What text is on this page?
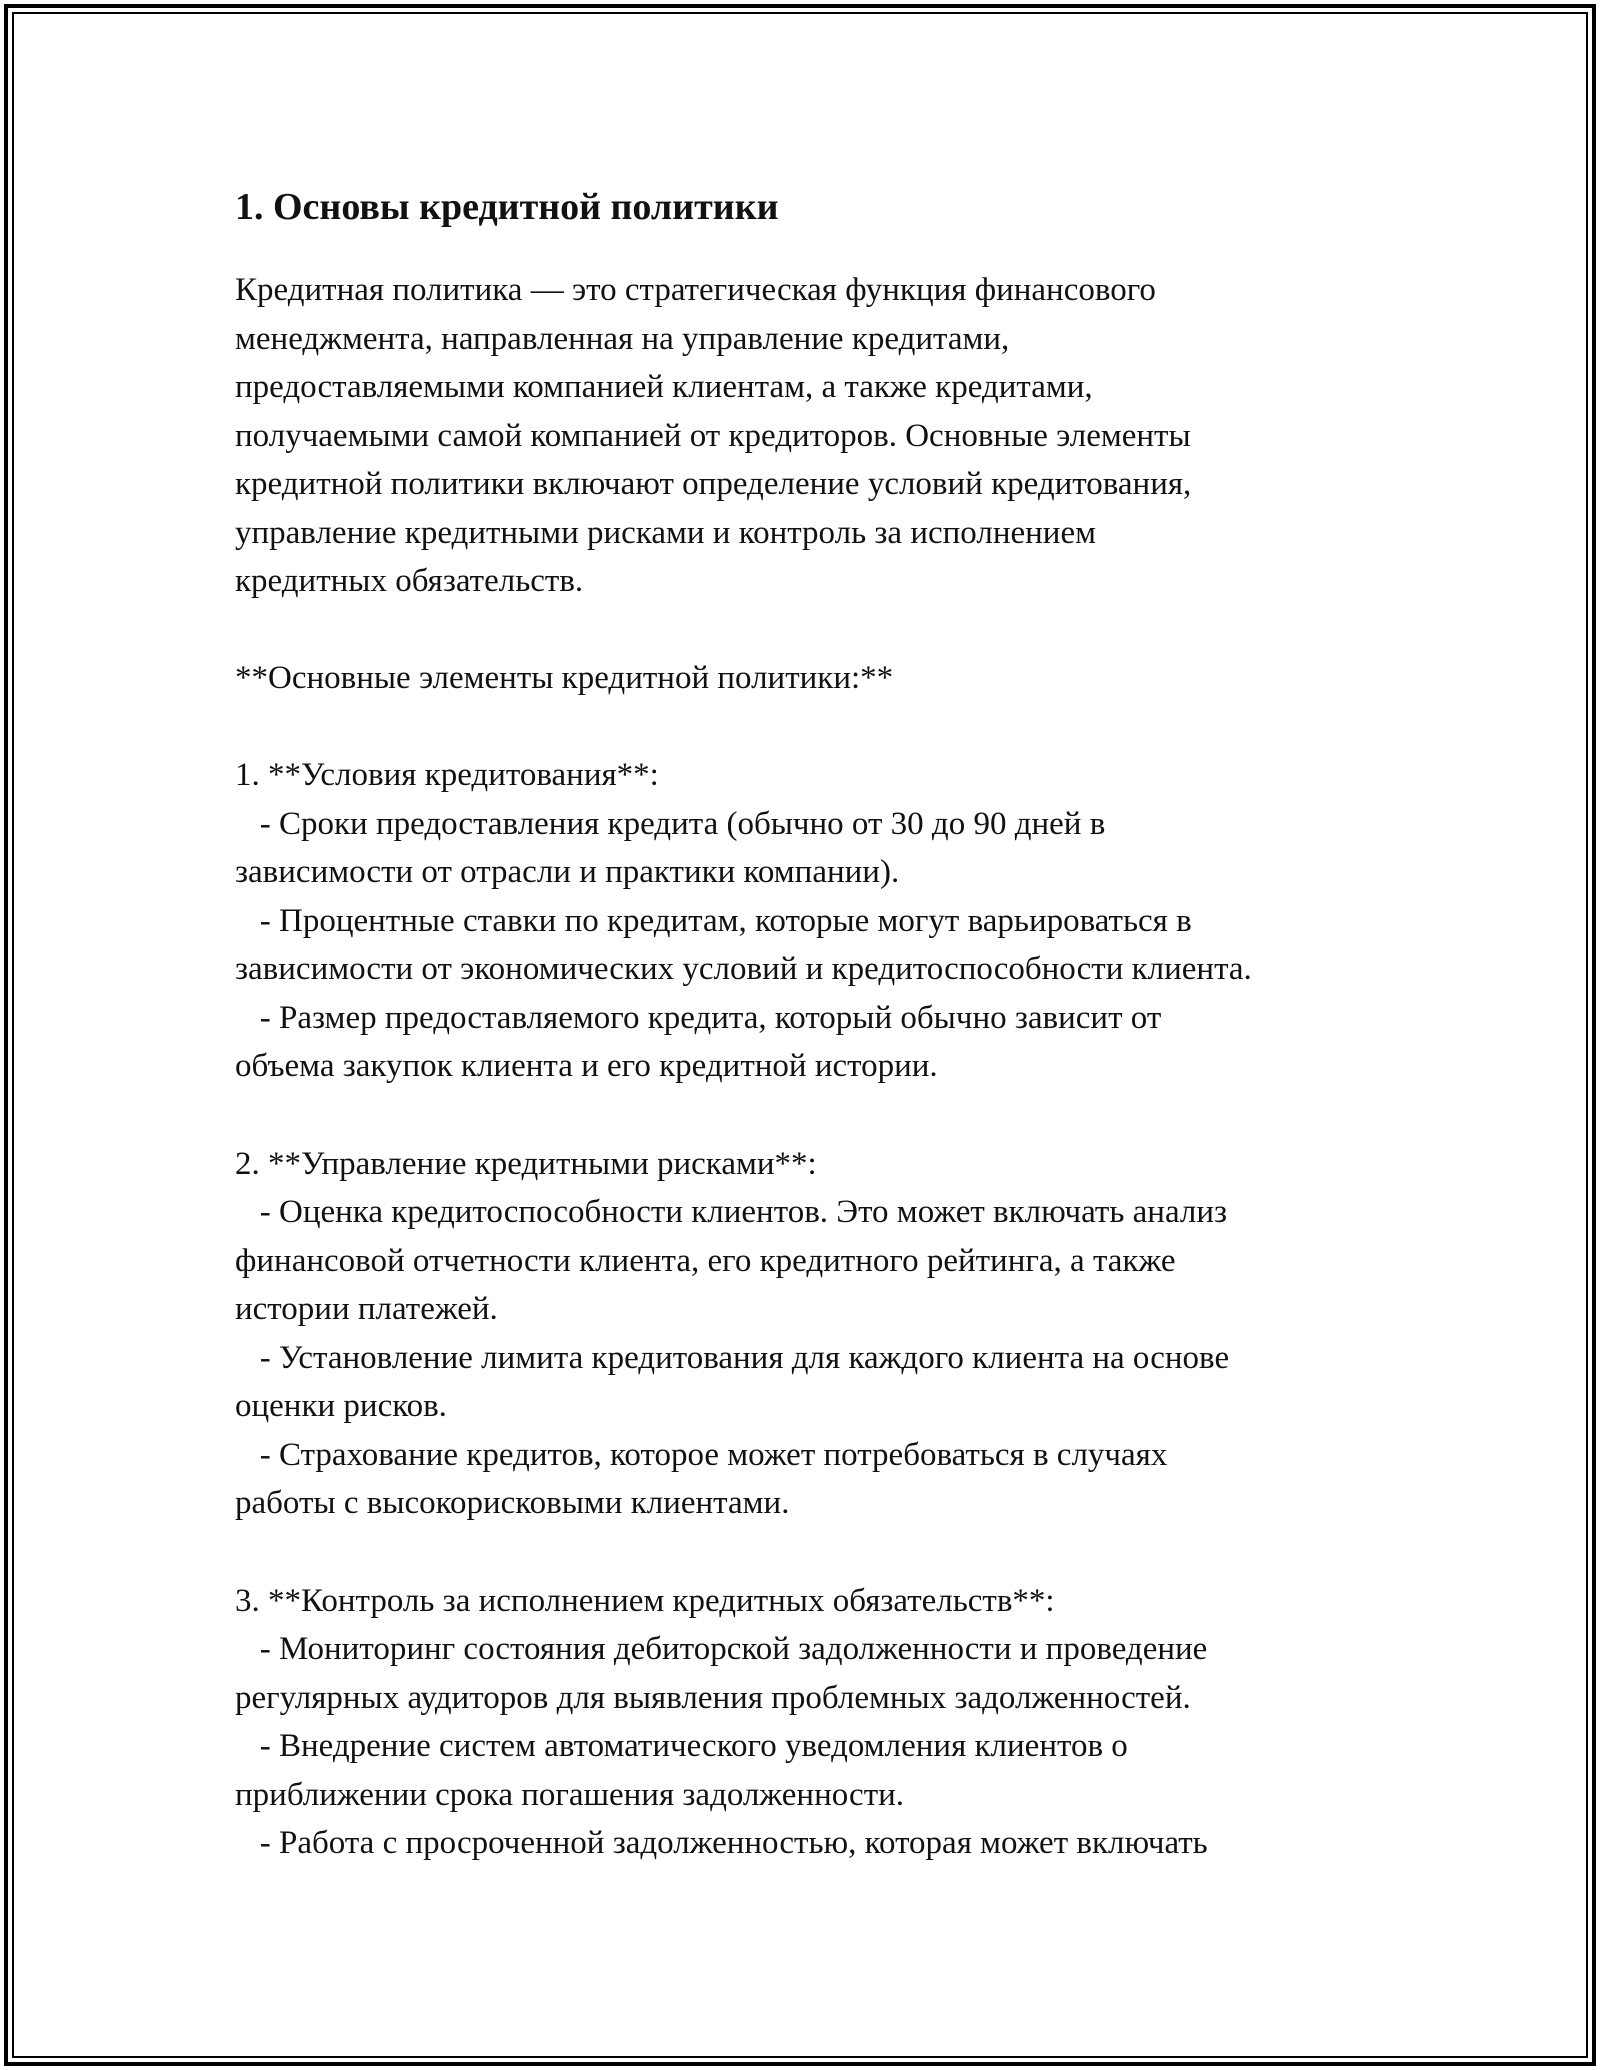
1. Основы кредитной политики

Кредитная политика — это стратегическая функция финансового
менеджмента, направленная на управление кредитами,
предоставляемыми компанией клиентам, а также кредитами,
получаемыми самой компанией от кредиторов. Основные элементы
кредитной политики включают определение условий кредитования,
управление кредитными рисками и контроль за исполнением
кредитных обязательств.

**Основные элементы кредитной политики:**

1. **Условия кредитования**:
- Сроки предоставления кредита (обычно от 30 до 90 дней в
зависимости от отрасли и практики компании).
- Процентные ставки по кредитам, которые могут варьироваться в
зависимости от экономических условий и кредитоспособности клиента.
- Размер предоставляемого кредита, который обычно зависит от
объема закупок клиента и его кредитной истории.

2. **Управление кредитными рисками**:
- Оценка кредитоспособности клиентов. Это может включать анализ
финансовой отчетности клиента, его кредитного рейтинга, а также
истории платежей.
- Установление лимита кредитования для каждого клиента на основе
оценки рисков.
- Страхование кредитов, которое может потребоваться в случаях
работы с высокорисковыми клиентами.

3. **Контроль за исполнением кредитных обязательств**:
- Мониторинг состояния дебиторской задолженности и проведение
регулярных аудиторов для выявления проблемных задолженностей.
- Внедрение систем автоматического уведомления клиентов о
приближении срока погашения задолженности.
- Работа с просроченной задолженностью, которая может включать
